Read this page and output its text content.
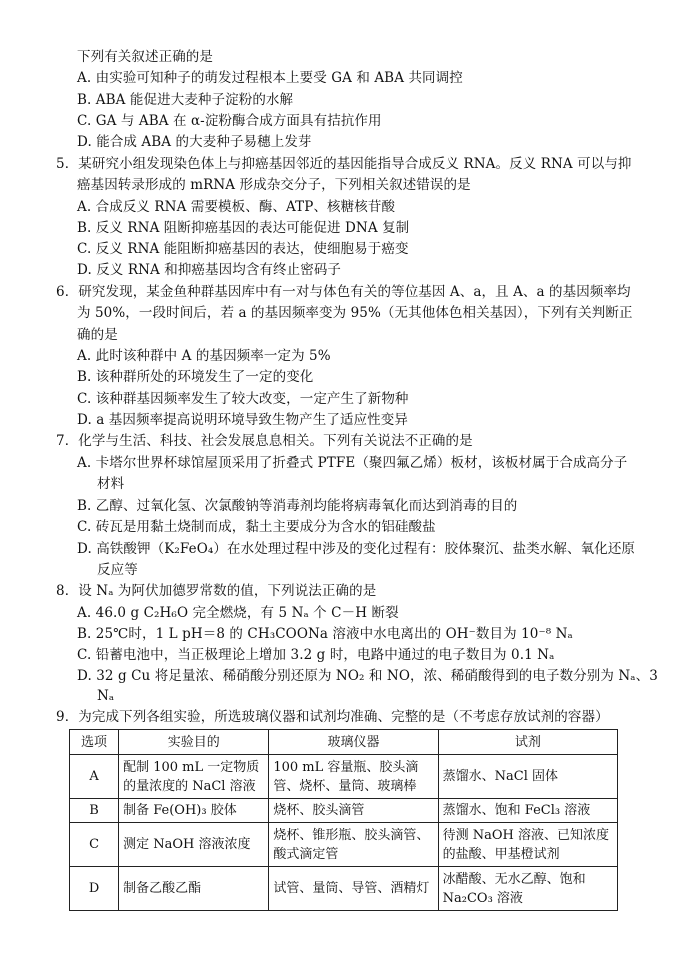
下列有关叙述正确的是
A. 由实验可知种子的萌发过程根本上要受 GA 和 ABA 共同调控
B. ABA 能促进大麦种子淀粉的水解
C. GA 与 ABA 在 α-淀粉酶合成方面具有拮抗作用
D. 能合成 ABA 的大麦种子易穗上发芽
5．某研究小组发现染色体上与抑癌基因邻近的基因能指导合成反义 RNA。反义 RNA 可以与抑
癌基因转录形成的 mRNA 形成杂交分子，下列相关叙述错误的是
A. 合成反义 RNA 需要模板、酶、ATP、核糖核苷酸
B. 反义 RNA 阻断抑癌基因的表达可能促进 DNA 复制
C. 反义 RNA 能阻断抑癌基因的表达，使细胞易于癌变
D. 反义 RNA 和抑癌基因均含有终止密码子
6．研究发现，某金鱼种群基因库中有一对与体色有关的等位基因 A、a，且 A、a 的基因频率均
为 50%，一段时间后，若 a 的基因频率变为 95%（无其他体色相关基因），下列有关判断正
确的是
A. 此时该种群中 A 的基因频率一定为 5%
B. 该种群所处的环境发生了一定的变化
C. 该种群基因频率发生了较大改变，一定产生了新物种
D. a 基因频率提高说明环境导致生物产生了适应性变异
7．化学与生活、科技、社会发展息息相关。下列有关说法不正确的是
A. 卡塔尔世界杯球馆屋顶采用了折叠式 PTFE（聚四氟乙烯）板材，该板材属于合成高分子
材料
B. 乙醇、过氧化氢、次氯酸钠等消毒剂均能将病毒氧化而达到消毒的目的
C. 砖瓦是用黏土烧制而成，黏土主要成分为含水的铝硅酸盐
D. 高铁酸钾（K₂FeO₄）在水处理过程中涉及的变化过程有：胶体聚沉、盐类水解、氧化还原
反应等
8．设 Nₐ 为阿伏加德罗常数的值，下列说法正确的是
A. 46.0 g C₂H₆O 完全燃烧，有 5 Nₐ 个 C－H 断裂
B. 25℃时，1 L pH＝8 的 CH₃COONa 溶液中水电离出的 OH⁻数目为 10⁻⁸ Nₐ
C. 铅蓄电池中，当正极理论上增加 3.2 g 时，电路中通过的电子数目为 0.1 Nₐ
D. 32 g Cu 将足量浓、稀硝酸分别还原为 NO₂ 和 NO，浓、稀硝酸得到的电子数分别为 Nₐ、3
Nₐ
9．为完成下列各组实验，所选玻璃仪器和试剂均准确、完整的是（不考虑存放试剂的容器）
选项	实验目的	玻璃仪器	试剂
A	配制 100 mL 一定物质的量浓度的 NaCl 溶液	100 mL 容量瓶、胶头滴管、烧杯、量筒、玻璃棒	蒸馏水、NaCl 固体
B	制备 Fe(OH)₃ 胶体	烧杯、胶头滴管	蒸馏水、饱和 FeCl₃ 溶液
C	测定 NaOH 溶液浓度	烧杯、锥形瓶、胶头滴管、酸式滴定管	待测 NaOH 溶液、已知浓度的盐酸、甲基橙试剂
D	制备乙酸乙酯	试管、量筒、导管、酒精灯	冰醋酸、无水乙醇、饱和 Na₂CO₃ 溶液
